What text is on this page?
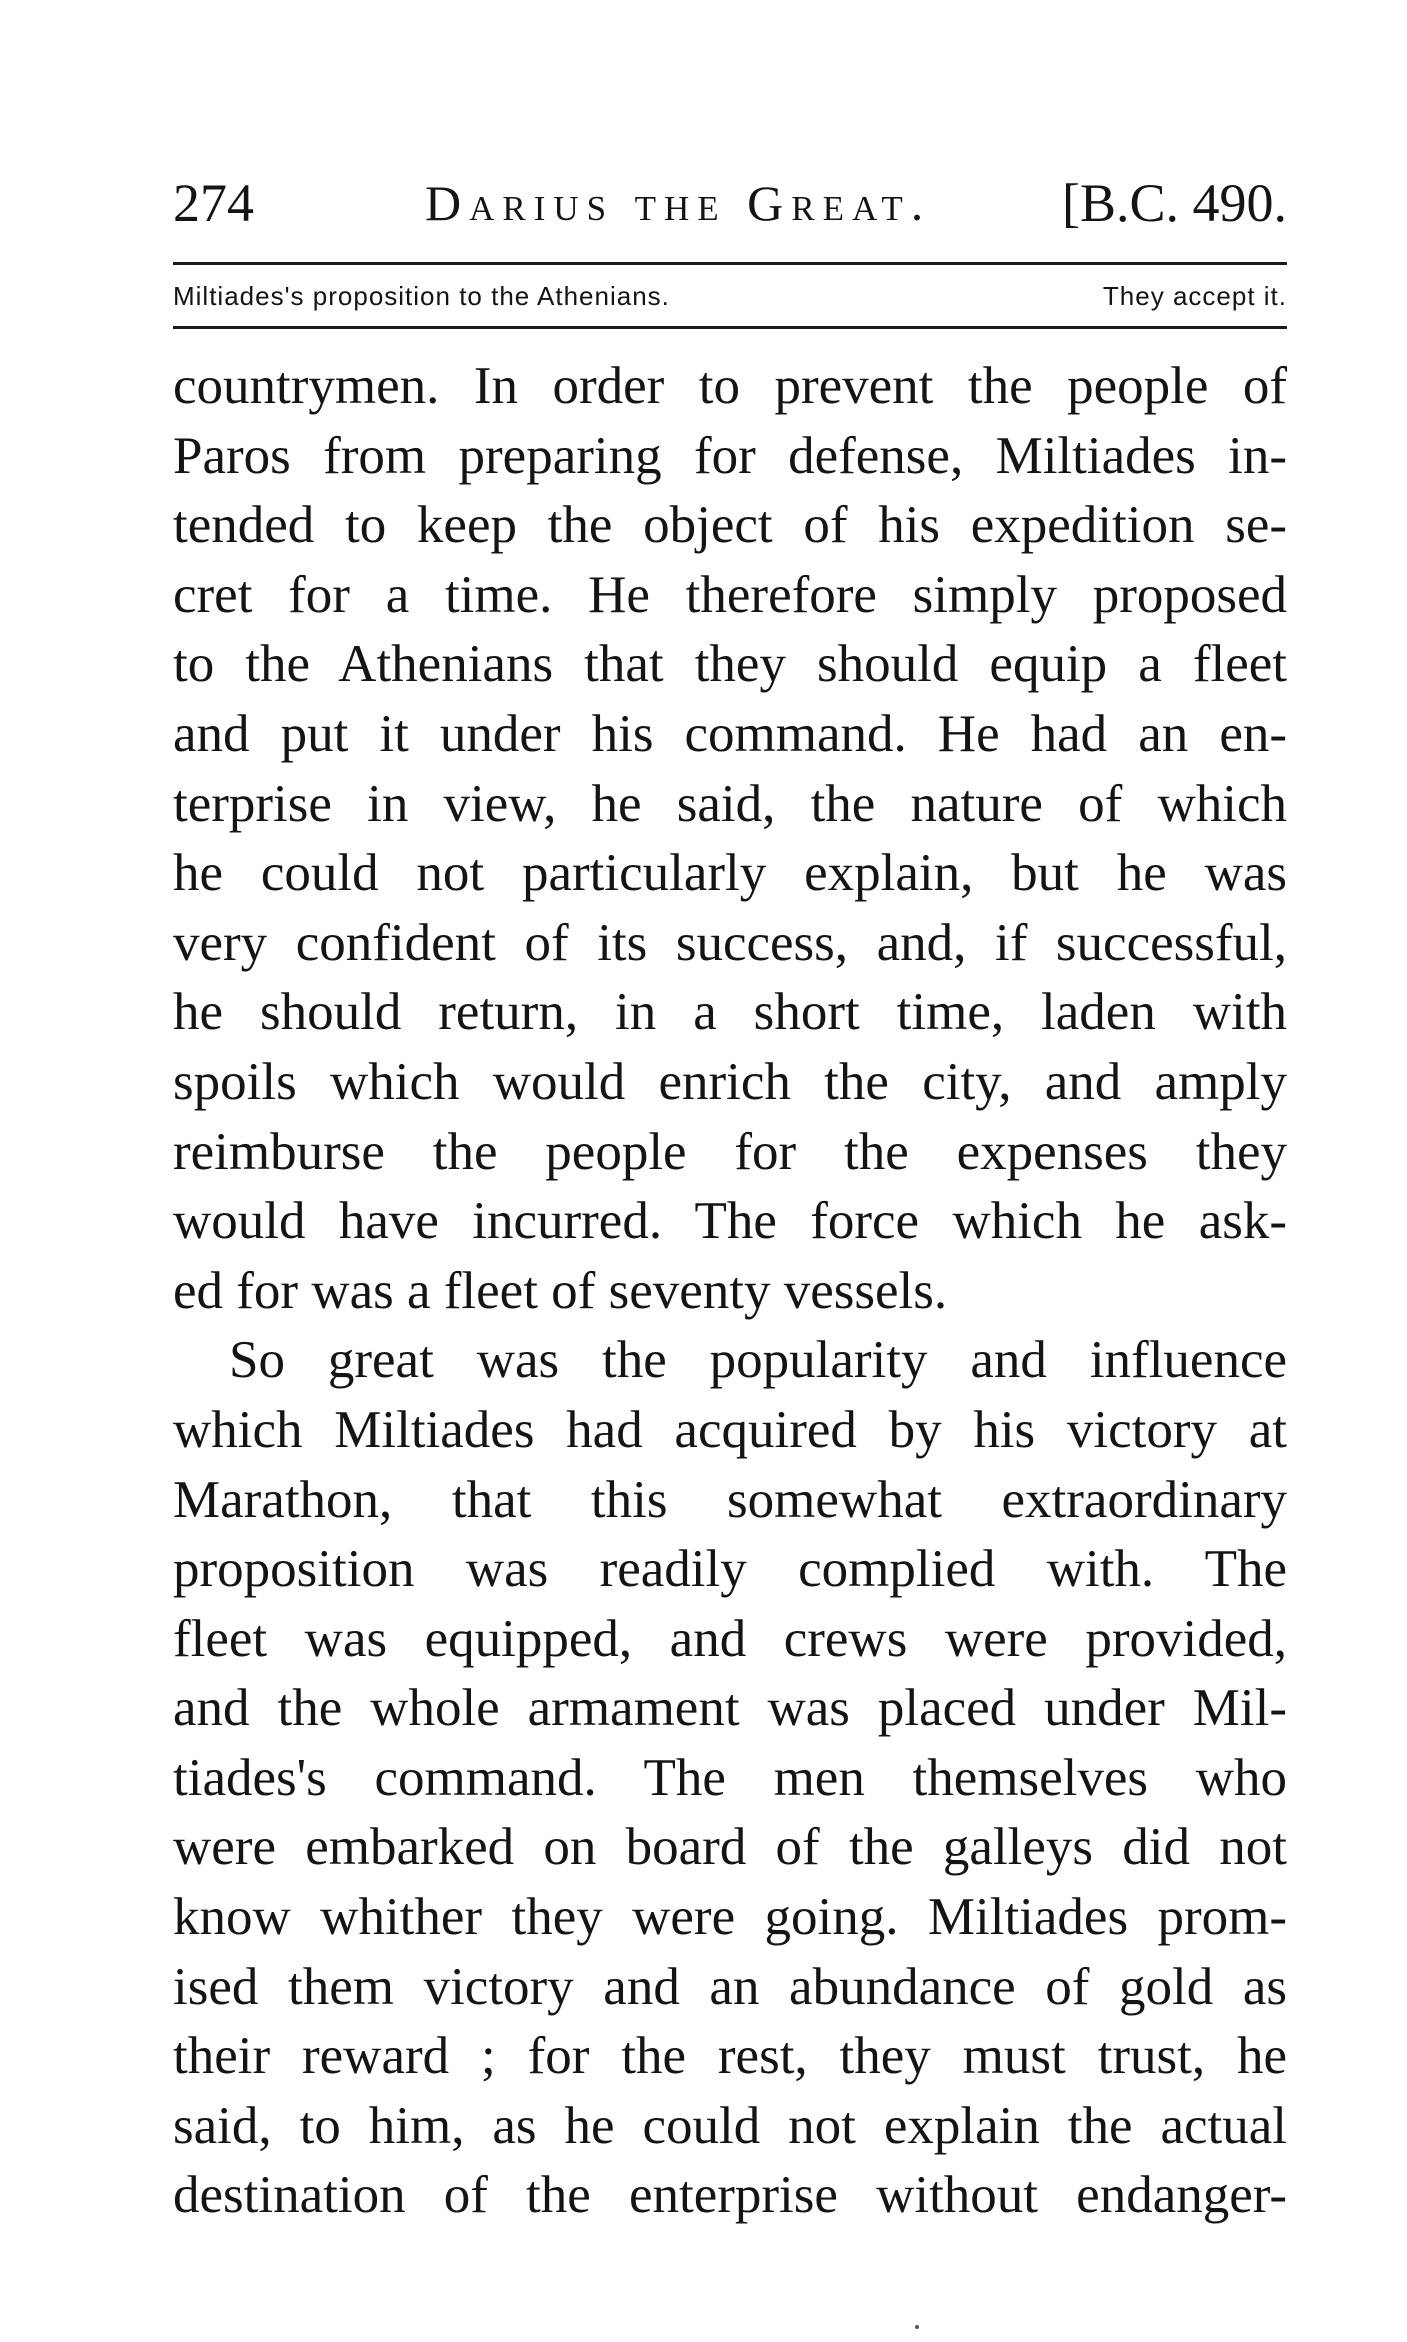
274	Darius the Great. [B.C. 490.
Miltiades's proposition to the Athenians.	They accept it.
countrymen. In order to prevent the people of
Paros from preparing for defense, Miltiades in-
tended to keep the object of his expedition se-
cret for a time. He therefore simply proposed
to the Athenians that they should equip a fleet
and put it under his command. He had an en-
terprise in view, he said, the nature of which
he could not particularly explain, but he was
very confident of its success, and, if successful,
he should return, in a short time, laden with
spoils which would enrich the city, and amply
reimburse the people for the expenses they
would have incurred. The force which he ask-
ed for was a fleet of seventy vessels.
So great was the popularity and influence
which Miltiades had acquired by his victory at
Marathon, that this somewhat extraordinary
proposition was readily complied with. The
fleet was equipped, and crews were provided,
and the whole armament was placed under Mil-
tiades's command. The men themselves who
were embarked on board of the galleys did not
know whither they were going. Miltiades prom-
ised them victory and an abundance of gold as
their reward ; for the rest, they must trust, he
said, to him, as he could not explain the actual
destination of the enterprise without endanger-
